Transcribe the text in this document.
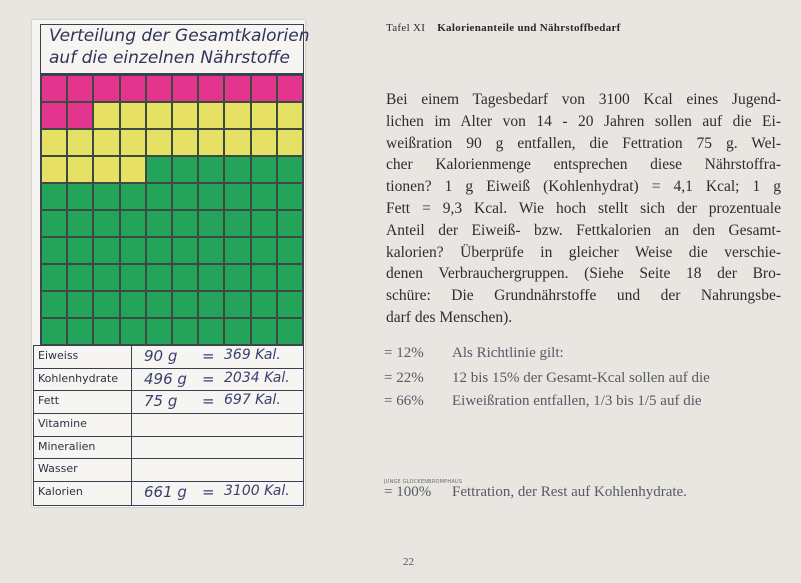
Verteilung der Gesamtkalorien
auf die einzelnen Nährstoffe
Eiweiss	90 g = 369 Kal.
Kohlenhydrate 496 g = 2034 Kal.
Fett	75 g = 697 Kal.
Vitamine
Mineralien
Wasser
Kalorien	661 g = 3100 Kal.
Tafel XI Kalorienanteile und Nährstoffbedarf
Bei einem Tagesbedarf von 3100 Kcal eines Jugend-
lichen im Alter von 14 - 20 Jahren sollen auf die Ei-
weißration 90 g entfallen, die Fettration 75 g. Wel-
cher Kalorienmenge entsprechen diese Nährstoffra-
tionen? 1 g Eiweiß (Kohlenhydrat) = 4,1 Kcal; 1 g
Fett = 9,3 Kcal. Wie hoch stellt sich der prozentuale
Anteil der Eiweiß- bzw. Fettkalorien an den Gesamt-
kalorien? Überprüfe in gleicher Weise die verschie-
denen Verbrauchergruppen. (Siehe Seite 18 der Bro-
schüre: Die Grundnährstoffe und der Nahrungsbe-
darf des Menschen).
= 12% Als Richtlinie gilt:
= 22% 12 bis 15% der Gesamt-Kcal sollen auf die
= 66% Eiweißration entfallen, 1/3 bis 1/5 auf die
JUNGE GLOCKENBROMPHAUS
= 100% Fettration, der Rest auf Kohlenhydrate.
22
